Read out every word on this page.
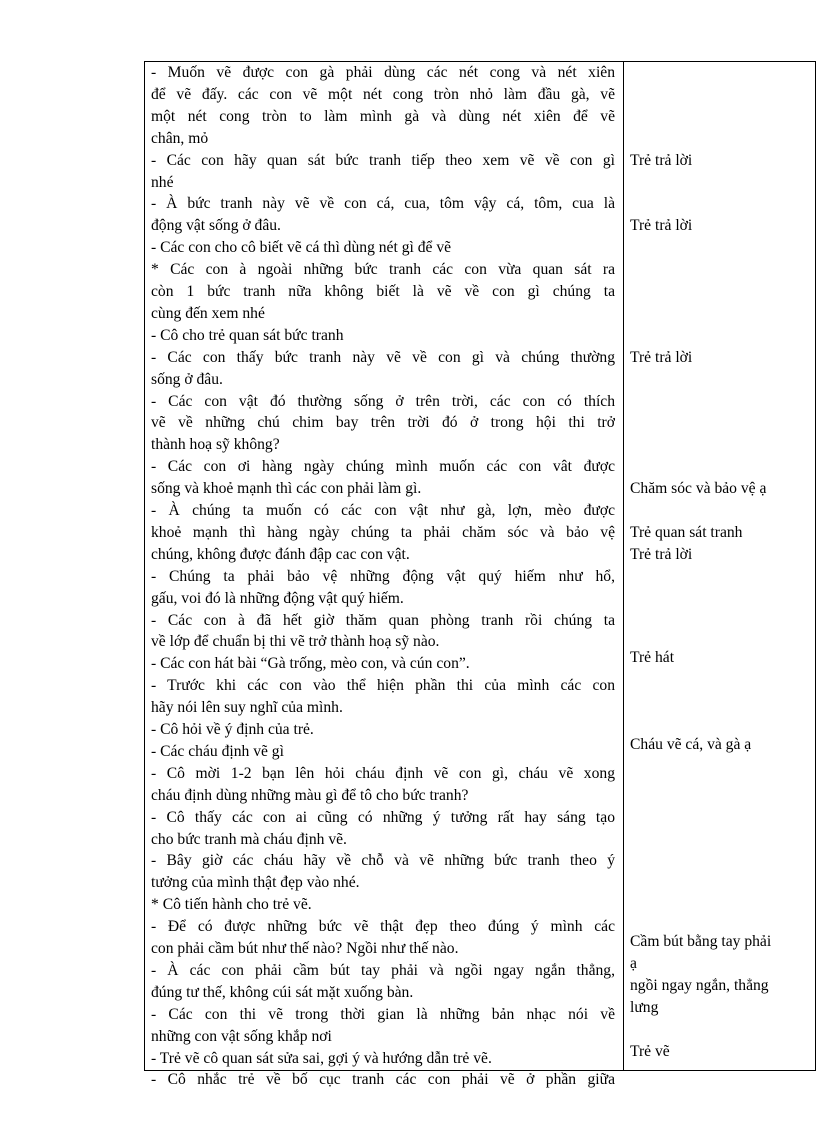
- Muốn vẽ được con gà phải dùng các nét cong và nét xiên
để vẽ đấy. các con vẽ một nét cong tròn nhỏ làm đầu gà, vẽ
một nét cong tròn to làm mình gà và dùng nét xiên để vẽ
chân, mỏ
- Các con hãy quan sát bức tranh tiếp theo xem vẽ về con gì
nhé
- À bức tranh này vẽ về con cá, cua, tôm vậy cá, tôm, cua là
động vật sống ở đâu.
- Các con cho cô biết vẽ cá thì dùng nét gì để vẽ
* Các con à ngoài những bức tranh các con vừa quan sát ra
còn 1 bức tranh nữa không biết là vẽ về con gì chúng ta
cùng đến xem nhé
- Cô cho trẻ quan sát bức tranh
- Các con thấy bức tranh này vẽ về con gì và chúng thường
sống ở đâu.
- Các con vật đó thường sống ở trên trời, các con có thích
vẽ về những chú chim bay trên trời đó ở trong hội thi trở
thành hoạ sỹ không?
- Các con ơi hàng ngày chúng mình muốn các con vât được
sống và khoẻ mạnh thì các con phải làm gì.
- À chúng ta muốn có các con vật như gà, lợn, mèo được
khoẻ mạnh thì hàng ngày chúng ta phải chăm sóc và bảo vệ
chúng, không được đánh đập cac con vật.
- Chúng ta phải bảo vệ những động vật quý hiếm như hổ,
gấu, voi đó là những động vật quý hiếm.
- Các con à đã hết giờ thăm quan phòng tranh rồi chúng ta
về lớp để chuẩn bị thi vẽ trở thành hoạ sỹ nào.
- Các con hát bài “Gà trống, mèo con, và cún con”.
- Trước khi các con vào thể hiện phần thi của mình các con
hãy nói lên suy nghĩ của mình.
- Cô hỏi về ý định của trẻ.
- Các cháu định vẽ gì
- Cô mời 1-2 bạn lên hỏi cháu định vẽ con gì, cháu vẽ xong
cháu định dùng những màu gì để tô cho bức tranh?
- Cô thấy các con ai cũng có những ý tưởng rất hay sáng tạo
cho bức tranh mà cháu định vẽ.
- Bây giờ các cháu hãy về chỗ và vẽ những bức tranh theo ý
tưởng của mình thật đẹp vào nhé.
* Cô tiến hành cho trẻ vẽ.
- Để có được những bức vẽ thật đẹp theo đúng ý mình các
con phải cầm bút như thế nào? Ngồi như thế nào.
- À các con phải cầm bút tay phải và ngồi ngay ngắn thẳng,
đúng tư thế, không cúi sát mặt xuống bàn.
- Các con thi vẽ trong thời gian là những bản nhạc nói về
những con vật sống khắp nơi
- Trẻ vẽ cô quan sát sửa sai, gợi ý và hướng dẫn trẻ vẽ.
- Cô nhắc trẻ về bố cục tranh các con phải vẽ ở phần giữa
Trẻ trả lời
Trẻ trả lời
Trẻ trả lời
Chăm sóc và bảo vệ ạ
Trẻ quan sát tranh
Trẻ trả lời
Trẻ hát
Cháu vẽ cá, và gà ạ
Cầm bút bằng tay phải
ạ
ngồi ngay ngắn, thẳng
lưng
Trẻ vẽ
